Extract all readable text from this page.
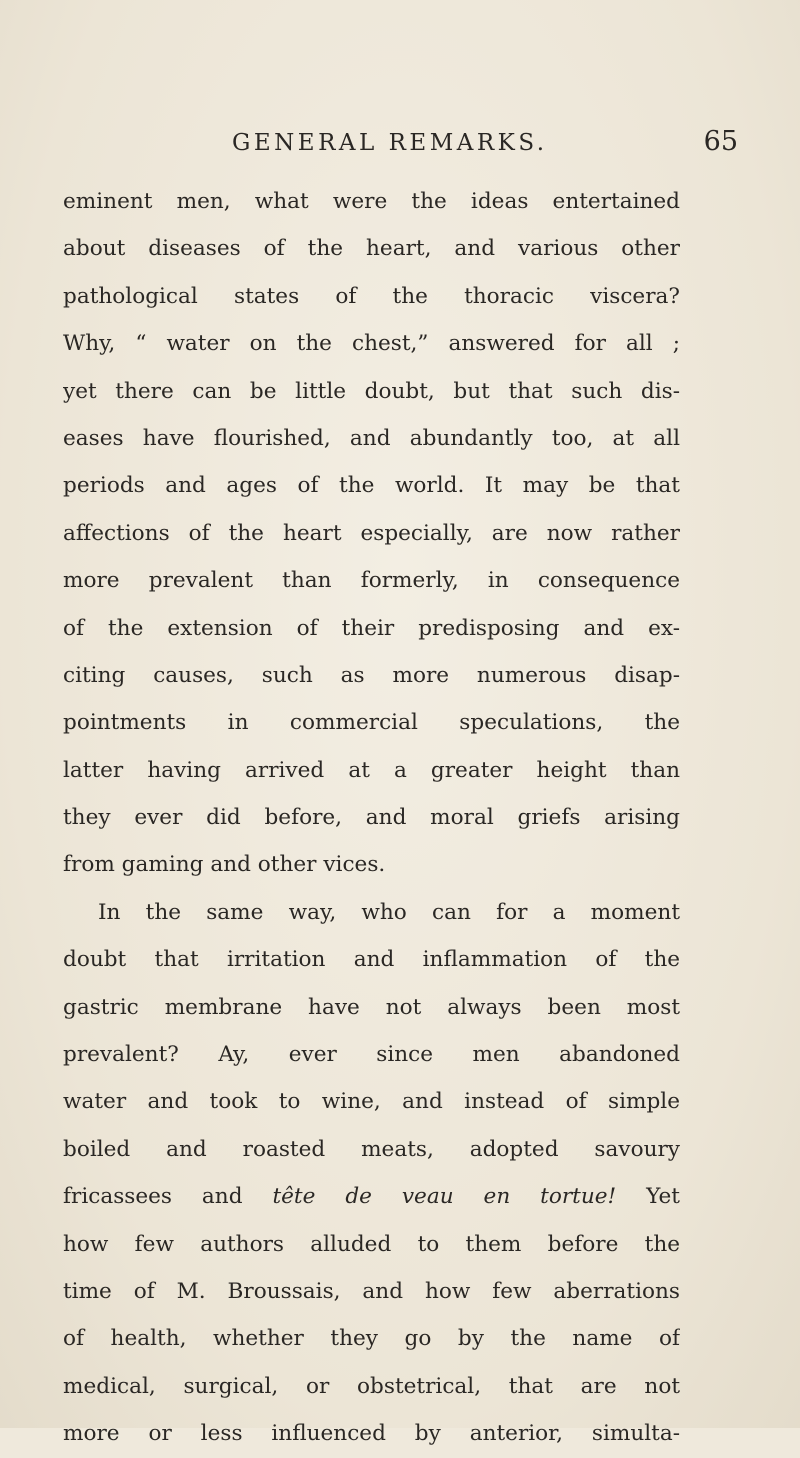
GENERAL REMARKS.	65
eminent men, what were the ideas entertained
about diseases of the heart, and various other
pathological states of the thoracic viscera?
Why, “ water on the chest,” answered for all ;
yet there can be little doubt, but that such dis-
eases have flourished, and abundantly too, at all
periods and ages of the world. It may be that
affections of the heart especially, are now rather
more prevalent than formerly, in consequence
of the extension of their predisposing and ex-
citing causes, such as more numerous disap-
pointments in commercial speculations, the
latter having arrived at a greater height than
they ever did before, and moral griefs arising
from gaming and other vices.
In the same way, who can for a moment
doubt that irritation and inflammation of the
gastric membrane have not always been most
prevalent? Ay, ever since men abandoned
water and took to wine, and instead of simple
boiled and roasted meats, adopted savoury
fricassees and tête de veau en tortue! Yet
how few authors alluded to them before the
time of M. Broussais, and how few aberrations
of health, whether they go by the name of
medical, surgical, or obstetrical, that are not
more or less influenced by anterior, simulta-
